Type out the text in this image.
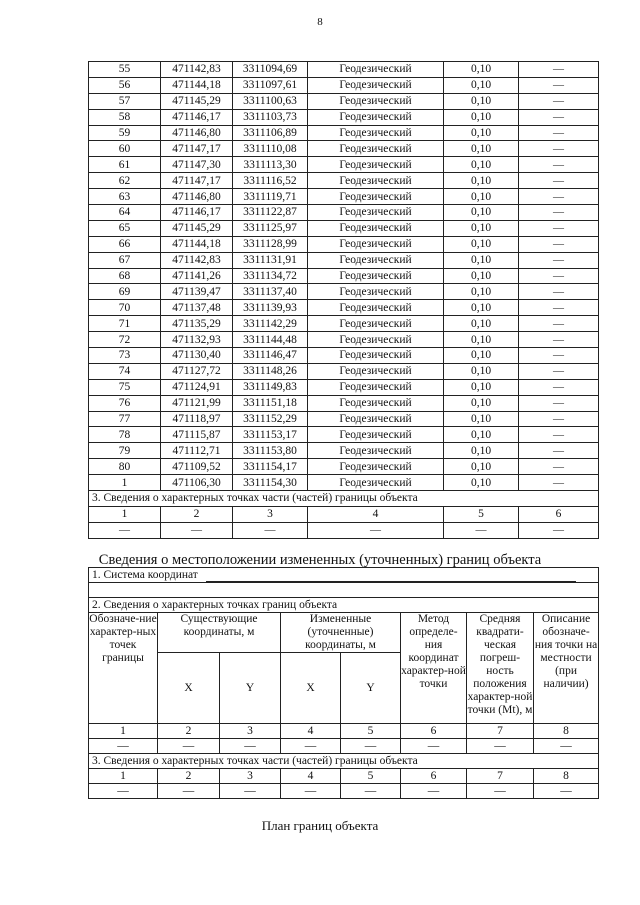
8
55	471142,83	3311094,69	Геодезический	0,10	—
56	471144,18	3311097,61	Геодезический	0,10	—
57	471145,29	3311100,63	Геодезический	0,10	—
58	471146,17	3311103,73	Геодезический	0,10	—
59	471146,80	3311106,89	Геодезический	0,10	—
60	471147,17	3311110,08	Геодезический	0,10	—
61	471147,30	3311113,30	Геодезический	0,10	—
62	471147,17	3311116,52	Геодезический	0,10	—
63	471146,80	3311119,71	Геодезический	0,10	—
64	471146,17	3311122,87	Геодезический	0,10	—
65	471145,29	3311125,97	Геодезический	0,10	—
66	471144,18	3311128,99	Геодезический	0,10	—
67	471142,83	3311131,91	Геодезический	0,10	—
68	471141,26	3311134,72	Геодезический	0,10	—
69	471139,47	3311137,40	Геодезический	0,10	—
70	471137,48	3311139,93	Геодезический	0,10	—
71	471135,29	3311142,29	Геодезический	0,10	—
72	471132,93	3311144,48	Геодезический	0,10	—
73	471130,40	3311146,47	Геодезический	0,10	—
74	471127,72	3311148,26	Геодезический	0,10	—
75	471124,91	3311149,83	Геодезический	0,10	—
76	471121,99	3311151,18	Геодезический	0,10	—
77	471118,97	3311152,29	Геодезический	0,10	—
78	471115,87	3311153,17	Геодезический	0,10	—
79	471112,71	3311153,80	Геодезический	0,10	—
80	471109,52	3311154,17	Геодезический	0,10	—
1	471106,30	3311154,30	Геодезический	0,10	—
3. Сведения о характерных точках части (частей) границы объекта					
1	2	3	4	5	6
—	—	—	—	—	—
Сведения о местоположении измененных (уточненных) границ объекта
1. Система координат							

2. Сведения о характерных точках границ объекта							
Обозначе-ние характер-ных точек границы	Существующие координаты, м		Измененные (уточненные) координаты, м		Метод определе-ния координат характер-ной точки	Средняя квадрати-ческая погреш-ность положения характер-ной точки (Mt), м	Описание обозначе-ния точки на местности (при наличии)
	X	Y	X	Y			
1	2	3	4	5	6	7	8
—	—	—	—	—	—	—	—
3. Сведения о характерных точках части (частей) границы объекта							
1	2	3	4	5	6	7	8
—	—	—	—	—	—	—	—
План границ объекта
